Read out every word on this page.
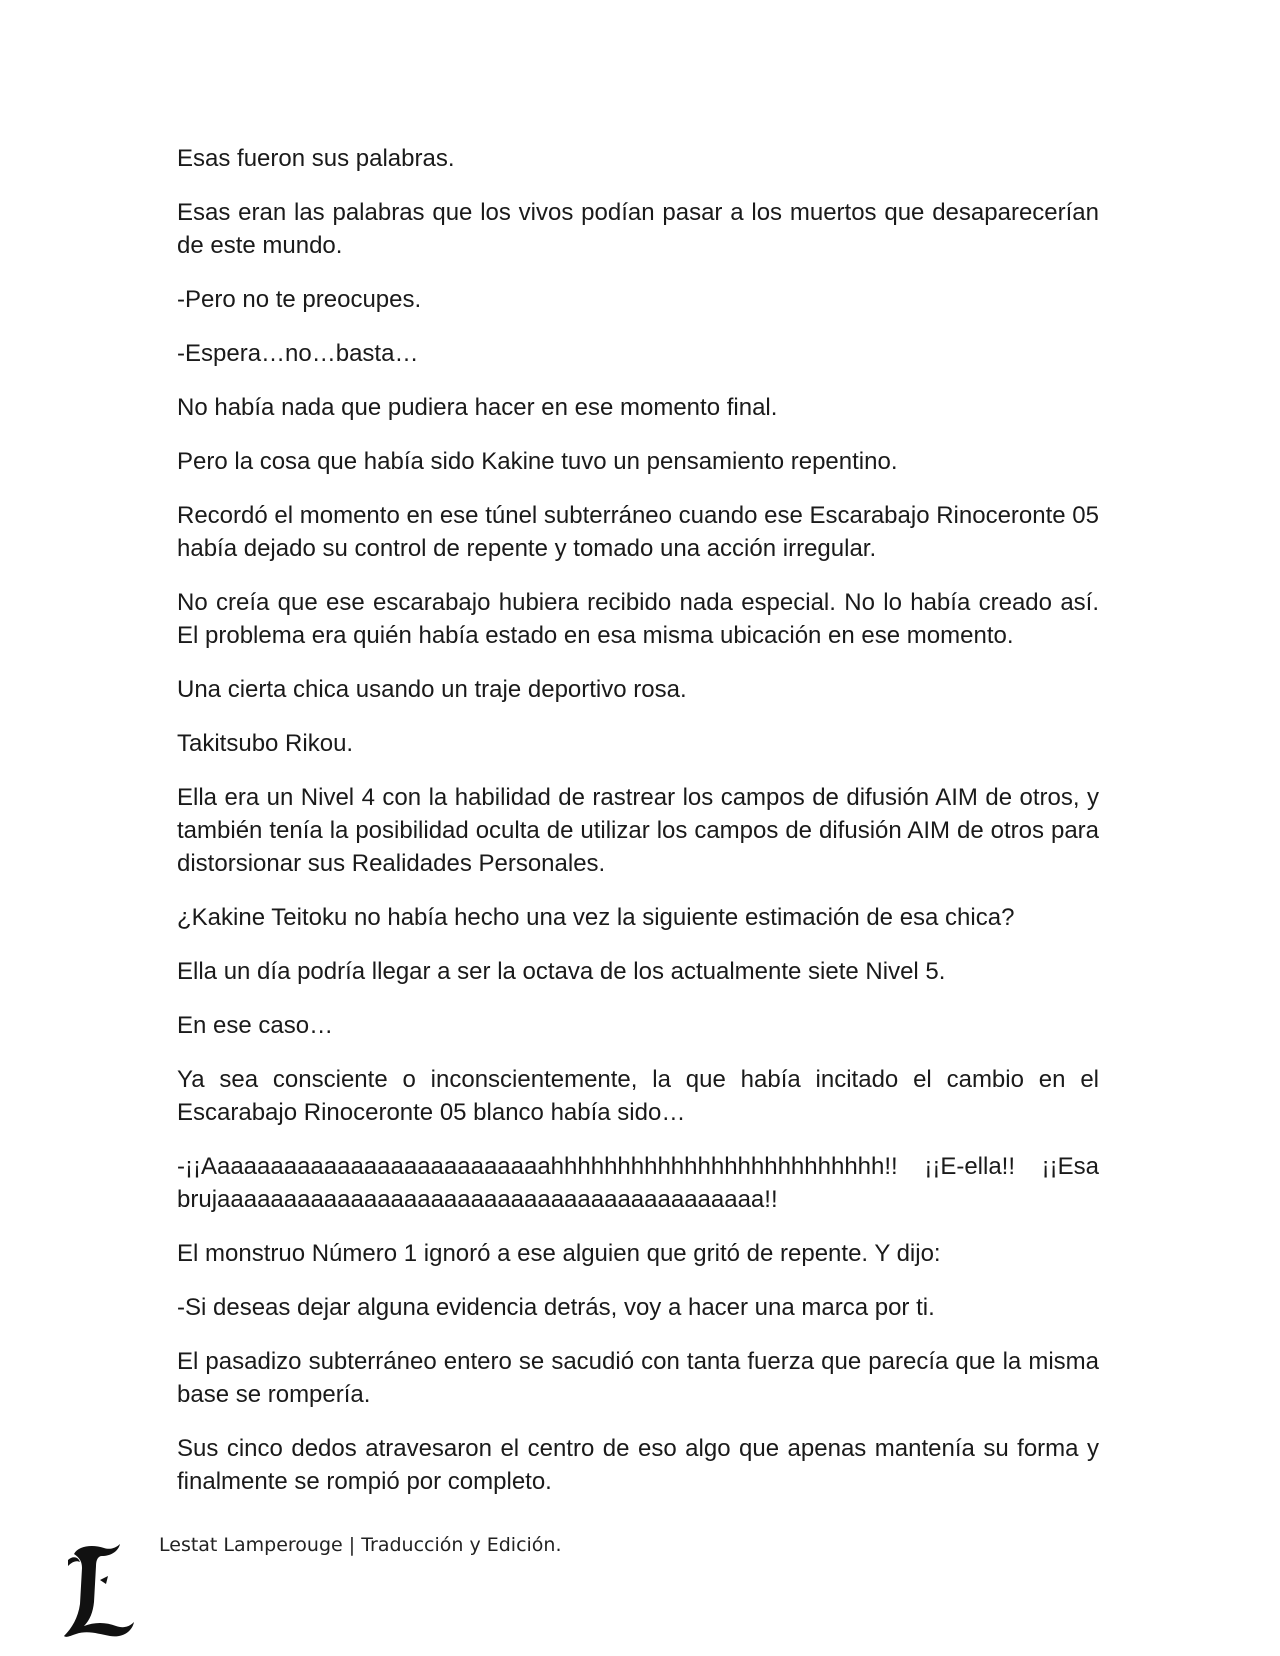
Esas fueron sus palabras.

Esas eran las palabras que los vivos podían pasar a los muertos que desaparecerían de este mundo.

-Pero no te preocupes.

-Espera…no…basta…

No había nada que pudiera hacer en ese momento final.

Pero la cosa que había sido Kakine tuvo un pensamiento repentino.

Recordó el momento en ese túnel subterráneo cuando ese Escarabajo Rinoceronte 05 había dejado su control de repente y tomado una acción irregular.

No creía que ese escarabajo hubiera recibido nada especial. No lo había creado así. El problema era quién había estado en esa misma ubicación en ese momento.

Una cierta chica usando un traje deportivo rosa.

Takitsubo Rikou.

Ella era un Nivel 4 con la habilidad de rastrear los campos de difusión AIM de otros, y también tenía la posibilidad oculta de utilizar los campos de difusión AIM de otros para distorsionar sus Realidades Personales.

¿Kakine Teitoku no había hecho una vez la siguiente estimación de esa chica?

Ella un día podría llegar a ser la octava de los actualmente siete Nivel 5.

En ese caso…

Ya sea consciente o inconscientemente, la que había incitado el cambio en el Escarabajo Rinoceronte 05 blanco había sido…

-¡¡Aaaaaaaaaaaaaaaaaaaaaaaaaahhhhhhhhhhhhhhhhhhhhhhhhh!! ¡¡E-ella!! ¡¡Esa brujaaaaaaaaaaaaaaaaaaaaaaaaaaaaaaaaaaaaaaaaa!!

El monstruo Número 1 ignoró a ese alguien que gritó de repente. Y dijo:

-Si deseas dejar alguna evidencia detrás, voy a hacer una marca por ti.

El pasadizo subterráneo entero se sacudió con tanta fuerza que parecía que la misma base se rompería.

Sus cinco dedos atravesaron el centro de eso algo que apenas mantenía su forma y finalmente se rompió por completo.

Lestat Lamperouge | Traducción y Edición.
